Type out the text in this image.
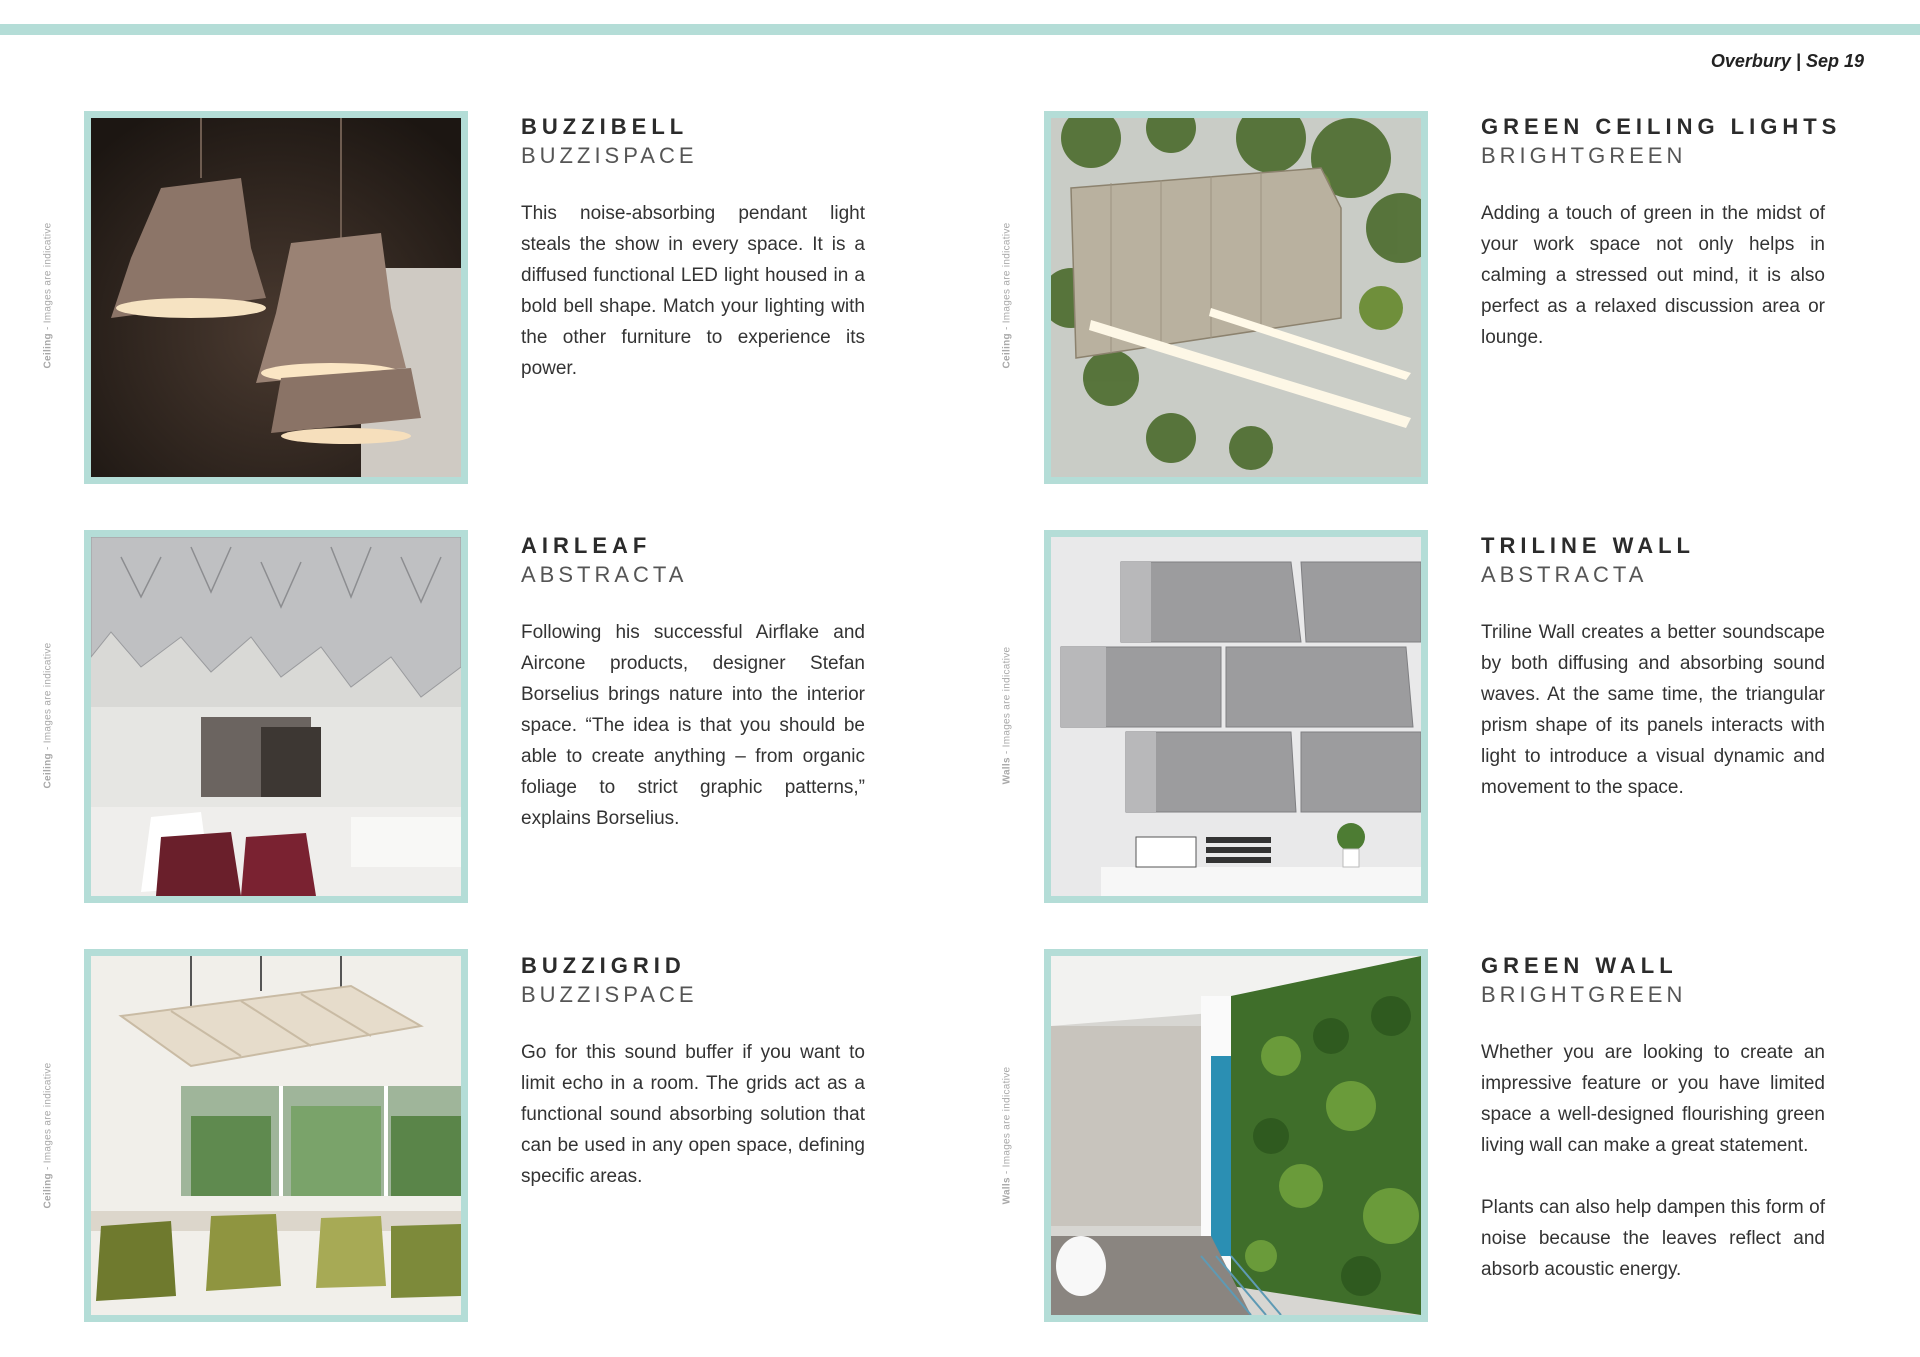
Overbury | Sep 19
Ceiling - Images are indicative
BUZZIBELL
BUZZISPACE

This noise-absorbing pendant light steals the show in every space. It is a diffused functional LED light housed in a bold bell shape. Match your lighting with the other furniture to experience its power.

Ceiling - Images are indicative
AIRLEAF
ABSTRACTA

Following his successful Airflake and Aircone products, designer Stefan Borselius brings nature into the interior space. “The idea is that you should be able to create anything – from organic foliage to strict graphic patterns,” explains Borselius.

Ceiling - Images are indicative
BUZZIGRID
BUZZISPACE

Go for this sound buffer if you want to limit echo in a room. The grids act as a functional sound absorbing solution that can be used in any open space, defining specific areas.

Ceiling - Images are indicative
GREEN CEILING LIGHTS
BRIGHTGREEN

Adding a touch of green in the midst of your work space not only helps in calming a stressed out mind, it is also perfect as a relaxed discussion area or lounge.

Walls - Images are indicative
TRILINE WALL
ABSTRACTA

Triline Wall creates a better soundscape by both diffusing and absorbing sound waves. At the same time, the triangular prism shape of its panels interacts with light to introduce a visual dynamic and movement to the space.

Walls - Images are indicative
GREEN WALL
BRIGHTGREEN

Whether you are looking to create an impressive feature or you have limited space a well-designed flourishing green living wall can make a great statement.

Plants can also help dampen this form of noise because the leaves reflect and absorb acoustic energy.
